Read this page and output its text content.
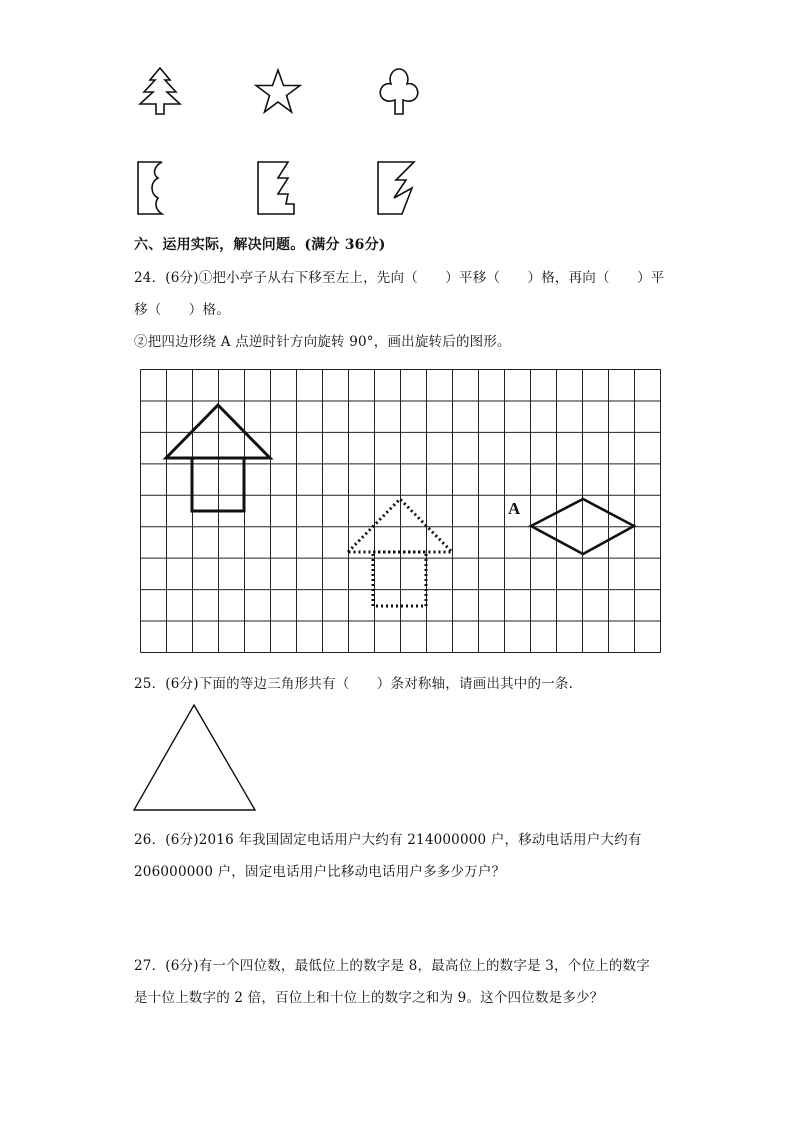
六、运用实际，解决问题。(满分 36分)
24．(6分)①把小亭子从右下移至左上，先向（　　）平移（　　）格，再向（　　）平
移（　　）格。
②把四边形绕 A 点逆时针方向旋转 90°，画出旋转后的图形。
A
25．(6分)下面的等边三角形共有（　　）条对称轴，请画出其中的一条．
26．(6分)2016 年我国固定电话用户大约有 214000000 户，移动电话用户大约有
206000000 户，固定电话用户比移动电话用户多多少万户？
27．(6分)有一个四位数，最低位上的数字是 8，最高位上的数字是 3，个位上的数字
是十位上数字的 2 倍，百位上和十位上的数字之和为 9。这个四位数是多少？
